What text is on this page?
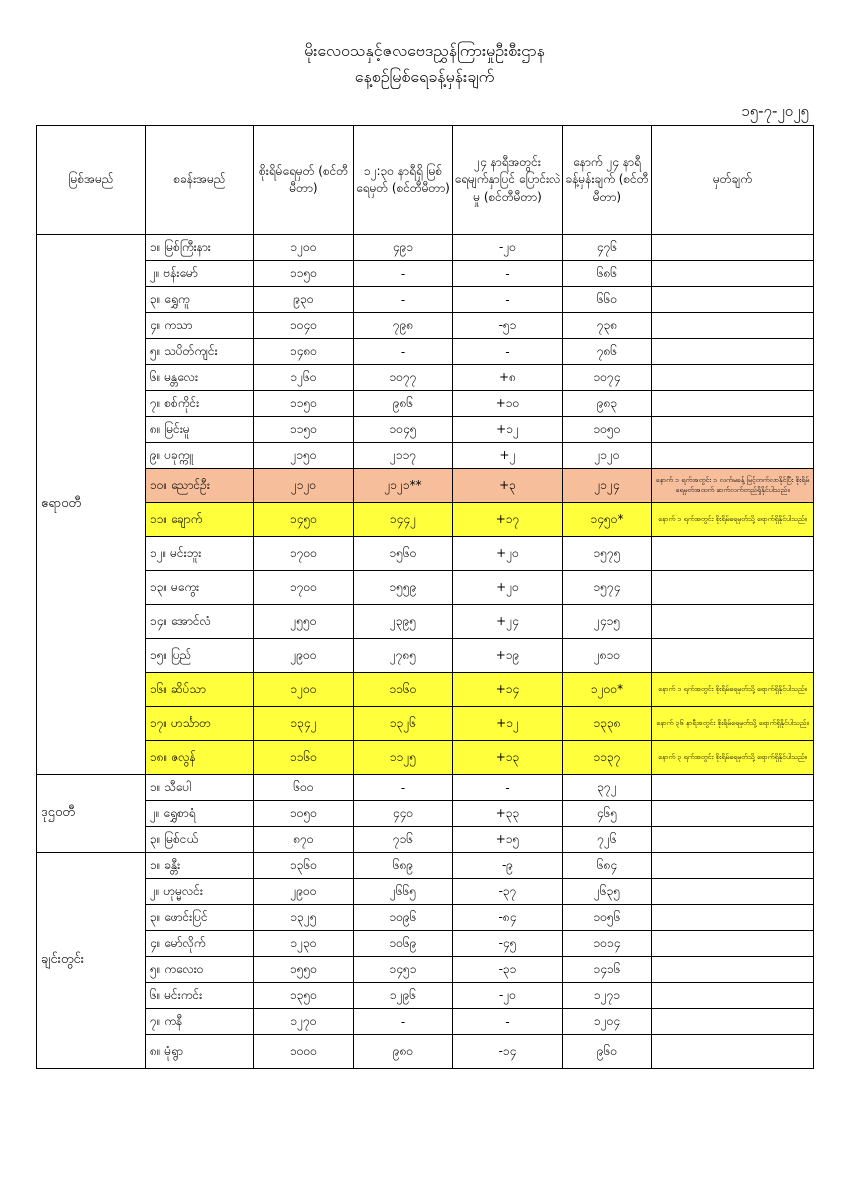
မိုးလေဝသနှင့်ဇလဗေဒညွှန်ကြားမှုဦးစီးဌာန
နေ့စဉ်မြစ်ရေခန့်မှန်းချက်
၁၅-၇-၂၀၂၅
မြစ်အမည်	စခန်းအမည်	စိုးရိမ်ရေမှတ် (စင်တီမီတာ)	၁၂:၃၀ နာရီရှိ မြစ်ရေမှတ် (စင်တီမီတာ)	၂၄ နာရီအတွင်း ရေမျက်နှာပြင် ပြောင်းလဲမှု (စင်တီမီတာ)	နောက် ၂၄ နာရီ ခန့်မှန်းချက် (စင်တီမီတာ)	မှတ်ချက်
ဧရာဝတီ	၁။ မြစ်ကြီးနား	၁၂၀၀	၄၉၁	-၂၀	၄၇၆	
	၂။ ဗန်းမော်	၁၁၅၀	-	-	၆၈၆	
	၃။ ရွှေကူ	၉၃၀	-	-	၆၆၀	
	၄။ ကသာ	၁၀၄၀	၇၉၈	-၅၁	၇၃၈	
	၅။ သပိတ်ကျင်း	၁၄၈၀	-	-	၇၈၆	
	၆။ မန္တလေး	၁၂၆၀	၁၀၇၇	+၈	၁၀၇၄	
	၇။ စစ်ကိုင်း	၁၁၅၀	၉၈၆	+၁၀	၉၈၃	
	၈။ မြင်းမူ	၁၁၅၀	၁၀၄၅	+၁၂	၁၀၅၀	
	၉။ ပခုက္ကူ	၂၁၅၀	၂၁၁၇	+၂	၂၁၂၀	
	၁၀။ ညောင်ဦး	၂၁၂၀	၂၁၂၁**	+၃	၂၁၂၄	နောက် ၁ ရက်အတွင်း ၁ လက်မခန့် မြင့်တက်လာနိုင်ပြီး စိုးရိမ်ရေမှတ်အထက် ဆက်လက်တည်ရှိနိုင်ပါသည်။
	၁၁။ ချောက်	၁၄၅၀	၁၄၄၂	+၁၇	၁၄၅၀*	နောက် ၁ ရက်အတွင်း စိုးရိမ်ရေမှတ်သို့ ရောက်ရှိနိုင်ပါသည်။
	၁၂။ မင်းဘူး	၁၇၀၀	၁၅၆၀	+၂၀	၁၅၇၅	
	၁၃။ မကွေး	၁၇၀၀	၁၅၅၉	+၂၀	၁၅၇၄	
	၁၄။ အောင်လံ	၂၅၅၀	၂၃၉၅	+၂၄	၂၄၁၅	
	၁၅။ ပြည်	၂၉၀၀	၂၇၈၅	+၁၉	၂၈၁၀	
	၁၆။ ဆိပ်သာ	၁၂၀၀	၁၁၆၀	+၁၄	၁၂၀၀*	နောက် ၁ ရက်အတွင်း စိုးရိမ်ရေမှတ်သို့ ရောက်ရှိနိုင်ပါသည်။
	၁၇။ ဟင်္သာတ	၁၃၄၂	၁၃၂၆	+၁၂	၁၃၃၈	နောက် ၃၆ နာရီအတွင်း စိုးရိမ်ရေမှတ်သို့ ရောက်ရှိနိုင်ပါသည်။
	၁၈။ ဇလွန်	၁၁၆၀	၁၁၂၅	+၁၃	၁၁၃၇	နောက် ၃ ရက်အတွင်း စိုးရိမ်ရေမှတ်သို့ ရောက်ရှိနိုင်ပါသည်။
ဒုဌဝတီ	၁။ သီပေါ	၆၀၀	-	-	၃၇၂	
	၂။ ရွှေစာရံ	၁၀၅၀	၄၄၀	+၃၃	၄၆၅	
	၃။ မြစ်ငယ်	၈၇၀	၇၁၆	+၁၅	၇၂၆	
ချင်းတွင်း	၁။ ခန္တီး	၁၃၆၀	၆၈၉	-၉	၆၈၄	
	၂။ ဟုမ္မလင်း	၂၉၀၀	၂၆၆၅	-၃၇	၂၆၃၅	
	၃။ ဖောင်းပြင်	၁၃၂၅	၁၀၉၆	-၈၄	၁၀၅၆	
	၄။ မော်လိုက်	၁၂၃၀	၁၀၆၉	-၄၅	၁၀၁၄	
	၅။ ကလေးဝ	၁၅၅၀	၁၄၅၁	-၃၁	၁၄၁၆	
	၆။ မင်းကင်း	၁၃၅၀	၁၂၉၆	-၂၀	၁၂၇၁	
	၇။ ကနီ	၁၂၇၀	-	-	၁၂၀၄	
	၈။ မုံရွာ	၁၀၀၀	၉၈၀	-၁၄	၉၆၀	
